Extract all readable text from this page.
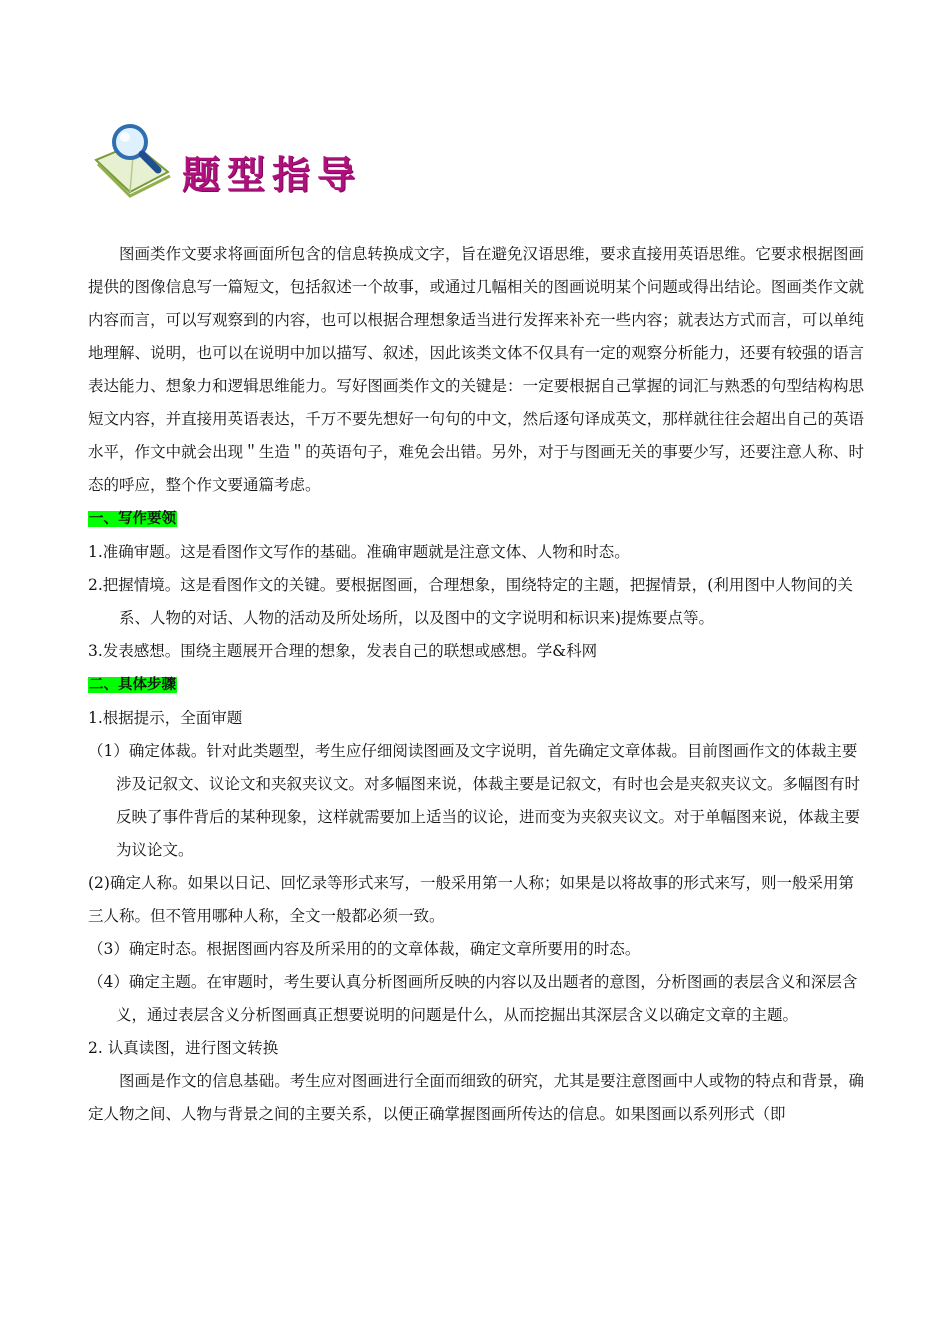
题型指导

图画类作文要求将画面所包含的信息转换成文字，旨在避免汉语思维，要求直接用英语思维。它要求根据图画提供的图像信息写一篇短文，包括叙述一个故事，或通过几幅相关的图画说明某个问题或得出结论。图画类作文就内容而言，可以写观察到的内容，也可以根据合理想象适当进行发挥来补充一些内容；就表达方式而言，可以单纯地理解、说明，也可以在说明中加以描写、叙述，因此该类文体不仅具有一定的观察分析能力，还要有较强的语言表达能力、想象力和逻辑思维能力。写好图画类作文的关键是：一定要根据自己掌握的词汇与熟悉的句型结构构思短文内容，并直接用英语表达，千万不要先想好一句句的中文，然后逐句译成英文，那样就往往会超出自己的英语水平，作文中就会出现＂生造＂的英语句子，难免会出错。另外，对于与图画无关的事要少写，还要注意人称、时态的呼应，整个作文要通篇考虑。

一、写作要领

1.准确审题。这是看图作文写作的基础。准确审题就是注意文体、人物和时态。

2.把握情境。这是看图作文的关键。要根据图画，合理想象，围绕特定的主题，把握情景，(利用图中人物间的关系、人物的对话、人物的活动及所处场所，以及图中的文字说明和标识来)提炼要点等。

3.发表感想。围绕主题展开合理的想象，发表自己的联想或感想。学&科网

二、具体步骤

1.根据提示，全面审题

（1）确定体裁。针对此类题型，考生应仔细阅读图画及文字说明，首先确定文章体裁。目前图画作文的体裁主要涉及记叙文、议论文和夹叙夹议文。对多幅图来说，体裁主要是记叙文，有时也会是夹叙夹议文。多幅图有时反映了事件背后的某种现象，这样就需要加上适当的议论，进而变为夹叙夹议文。对于单幅图来说，体裁主要为议论文。

(2)确定人称。如果以日记、回忆录等形式来写，一般采用第一人称；如果是以将故事的形式来写，则一般采用第三人称。但不管用哪种人称，全文一般都必须一致。

（3）确定时态。根据图画内容及所采用的的文章体裁，确定文章所要用的时态。

（4）确定主题。在审题时，考生要认真分析图画所反映的内容以及出题者的意图，分析图画的表层含义和深层含义，通过表层含义分析图画真正想要说明的问题是什么，从而挖掘出其深层含义以确定文章的主题。

2. 认真读图，进行图文转换

图画是作文的信息基础。考生应对图画进行全面而细致的研究，尤其是要注意图画中人或物的特点和背景，确定人物之间、人物与背景之间的主要关系，以便正确掌握图画所传达的信息。如果图画以系列形式（即
